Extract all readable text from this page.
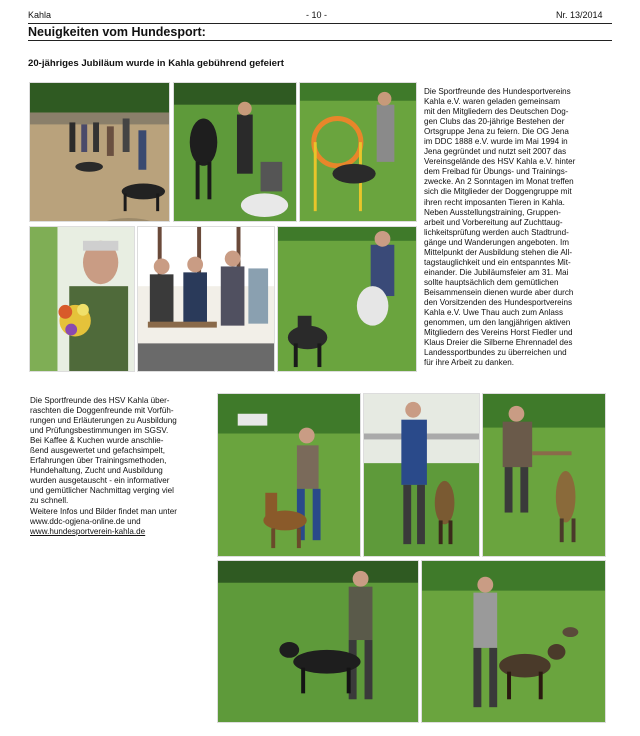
Kahla	- 10 -	Nr. 13/2014
Neuigkeiten vom Hundesport:
20-jähriges Jubiläum wurde in Kahla gebührend gefeiert
Die Sportfreunde des Hundesportvereins
Kahla e.V. waren geladen gemeinsam
mit den Mitgliedern des Deutschen Dog-
gen Clubs das 20-jährige Bestehen der
Ortsgruppe Jena zu feiern. Die OG Jena
im DDC 1888 e.V. wurde im Mai 1994 in
Jena gegründet und nutzt seit 2007 das
Vereinsgelände des HSV Kahla e.V. hinter
dem Freibad für Übungs- und Trainings-
zwecke. An 2 Sonntagen im Monat treffen
sich die Mitglieder der Doggengruppe mit
ihren recht imposanten Tieren in Kahla.
Neben Ausstellungstraining, Gruppen-
arbeit und Vorbereitung auf Zuchttaug-
lichkeitsprüfung werden auch Stadtrund-
gänge und Wanderungen angeboten. Im
Mittelpunkt der Ausbildung stehen die All-
tagstauglichkeit und ein entspanntes Mit-
einander. Die Jubiläumsfeier am 31. Mai
sollte hauptsächlich dem gemütlichen
Beisammensein dienen wurde aber durch
den Vorsitzenden des Hundesportvereins
Kahla e.V. Uwe Thau auch zum Anlass
genommen, um den langjährigen aktiven
Mitgliedern des Vereins Horst Fiedler und
Klaus Dreier die Silberne Ehrennadel des
Landessportbundes zu überreichen und
für ihre Arbeit zu danken.
Die Sportfreunde des HSV Kahla über-
raschten die Doggenfreunde mit Vorfüh-
rungen und Erläuterungen zu Ausbildung
und Prüfungsbestimmungen im SGSV.
Bei Kaffee & Kuchen wurde anschlie-
ßend ausgewertet und gefachsimpelt,
Erfahrungen über Trainingsmethoden,
Hundehaltung, Zucht und Ausbildung
wurden ausgetauscht - ein informativer
und gemütlicher Nachmittag verging viel
zu schnell.
Weitere Infos und Bilder findet man unter
www.ddc-ogjena-online.de und
www.hundesportverein-kahla.de
